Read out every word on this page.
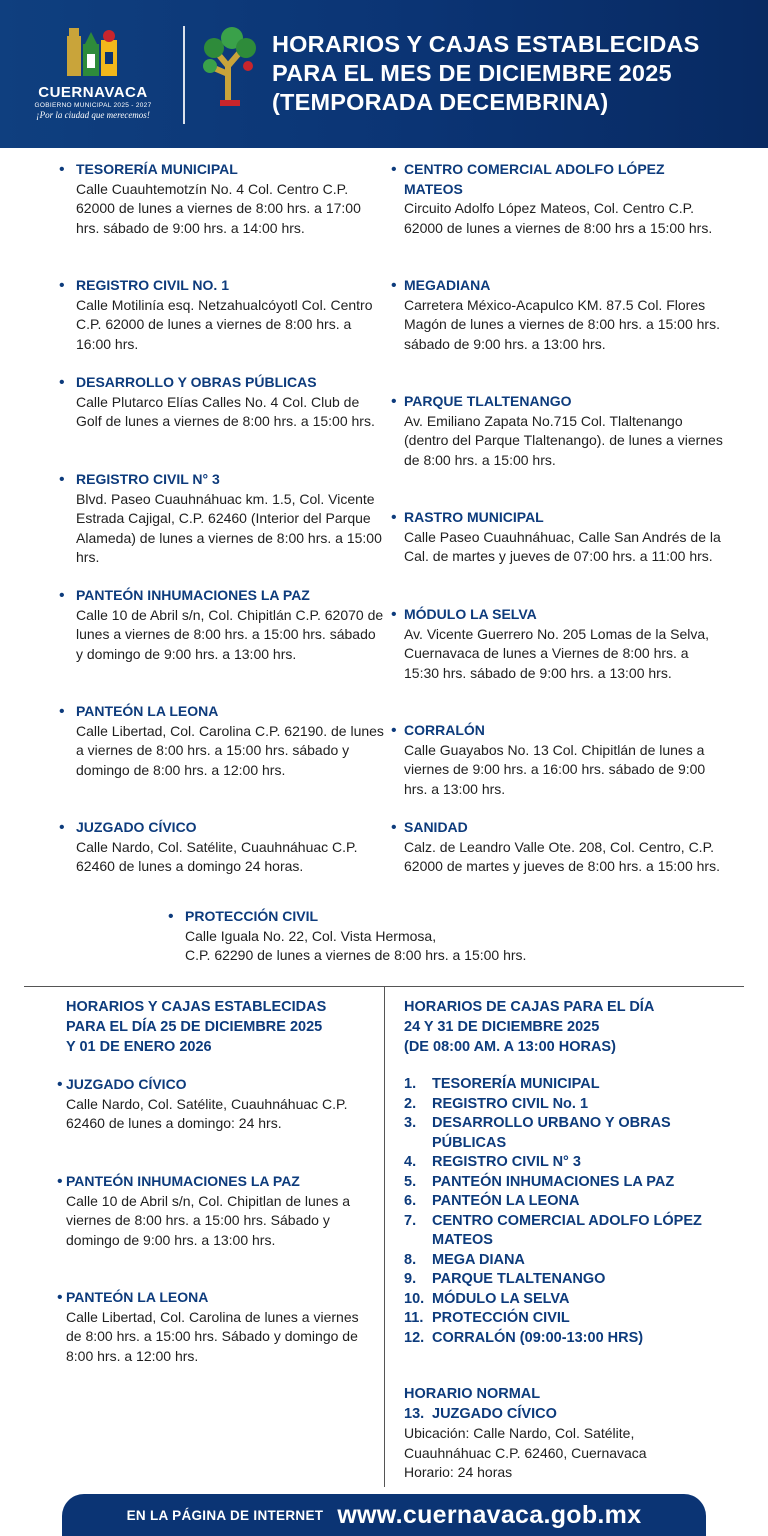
CUERNAVACA
GOBIERNO MUNICIPAL 2025 - 2027
¡Por la ciudad que merecemos!
HORARIOS Y CAJAS ESTABLECIDAS
PARA EL MES DE DICIEMBRE 2025
(TEMPORADA DECEMBRINA)
• TESORERÍA MUNICIPAL
Calle Cuauhtemotzín No. 4 Col. Centro C.P. 62000 de lunes a viernes de 8:00 hrs. a 17:00 hrs. sábado de 9:00 hrs. a 14:00 hrs.
• REGISTRO CIVIL NO. 1
Calle Motilinía esq. Netzahualcóyotl Col. Centro C.P. 62000 de lunes a viernes de 8:00 hrs. a 16:00 hrs.
• DESARROLLO Y OBRAS PÚBLICAS
Calle Plutarco Elías Calles No. 4 Col. Club de Golf de lunes a viernes de 8:00 hrs. a 15:00 hrs.
• REGISTRO CIVIL N° 3
Blvd. Paseo Cuauhnáhuac km. 1.5, Col. Vicente Estrada Cajigal, C.P. 62460 (Interior del Parque Alameda) de lunes a viernes de 8:00 hrs. a 15:00 hrs.
• PANTEÓN INHUMACIONES LA PAZ
Calle 10 de Abril s/n, Col. Chipitlán C.P. 62070 de lunes a viernes de 8:00 hrs. a 15:00 hrs. sábado y domingo de 9:00 hrs. a 13:00 hrs.
• PANTEÓN LA LEONA
Calle Libertad, Col. Carolina C.P. 62190. de lunes a viernes de 8:00 hrs. a 15:00 hrs. sábado y domingo de 8:00 hrs. a 12:00 hrs.
• JUZGADO CÍVICO
Calle Nardo, Col. Satélite, Cuauhnáhuac C.P. 62460 de lunes a domingo 24 horas.
• CENTRO COMERCIAL ADOLFO LÓPEZ MATEOS
Circuito Adolfo López Mateos, Col. Centro C.P. 62000 de lunes a viernes de 8:00 hrs a 15:00 hrs.
• MEGADIANA
Carretera México-Acapulco KM. 87.5 Col. Flores Magón de lunes a viernes de 8:00 hrs. a 15:00 hrs. sábado de 9:00 hrs. a 13:00 hrs.
• PARQUE TLALTENANGO
Av. Emiliano Zapata No.715 Col. Tlaltenango (dentro del Parque Tlaltenango). de lunes a viernes de 8:00 hrs. a 15:00 hrs.
• RASTRO MUNICIPAL
Calle Paseo Cuauhnáhuac, Calle San Andrés de la Cal. de martes y jueves de 07:00 hrs. a 11:00 hrs.
• MÓDULO LA SELVA
Av. Vicente Guerrero No. 205 Lomas de la Selva, Cuernavaca de lunes a Viernes de 8:00 hrs. a 15:30 hrs. sábado de 9:00 hrs. a 13:00 hrs.
• CORRALÓN
Calle Guayabos No. 13 Col. Chipitlán de lunes a viernes de 9:00 hrs. a 16:00 hrs. sábado de 9:00 hrs. a 13:00 hrs.
• SANIDAD
Calz. de Leandro Valle Ote. 208, Col. Centro, C.P. 62000 de martes y jueves de 8:00 hrs. a 15:00 hrs.
• PROTECCIÓN CIVIL
Calle Iguala No. 22, Col. Vista Hermosa,
C.P. 62290 de lunes a viernes de 8:00 hrs. a 15:00 hrs.
HORARIOS Y CAJAS ESTABLECIDAS
PARA EL DÍA 25 DE DICIEMBRE 2025
Y 01 DE ENERO 2026
• JUZGADO CÍVICO
Calle Nardo, Col. Satélite, Cuauhnáhuac C.P. 62460 de lunes a domingo: 24 hrs.
• PANTEÓN INHUMACIONES LA PAZ
Calle 10 de Abril s/n, Col. Chipitlan de lunes a viernes de 8:00 hrs. a 15:00 hrs. Sábado y domingo de 9:00 hrs. a 13:00 hrs.
• PANTEÓN LA LEONA
Calle Libertad, Col. Carolina de lunes a viernes de 8:00 hrs. a 15:00 hrs. Sábado y domingo de 8:00 hrs. a 12:00 hrs.
HORARIOS DE CAJAS PARA EL DÍA
24 Y 31 DE DICIEMBRE 2025
(DE 08:00 AM. A 13:00 HORAS)
1. TESORERÍA MUNICIPAL
2. REGISTRO CIVIL No. 1
3. DESARROLLO URBANO Y OBRAS PÚBLICAS
4. REGISTRO CIVIL N° 3
5. PANTEÓN INHUMACIONES LA PAZ
6. PANTEÓN LA LEONA
7. CENTRO COMERCIAL ADOLFO LÓPEZ MATEOS
8. MEGA DIANA
9. PARQUE TLALTENANGO
10. MÓDULO LA SELVA
11. PROTECCIÓN CIVIL
12. CORRALÓN (09:00-13:00 HRS)
HORARIO NORMAL
13. JUZGADO CÍVICO
Ubicación: Calle Nardo, Col. Satélite,
Cuauhnáhuac C.P. 62460, Cuernavaca
Horario: 24 horas
EN LA PÁGINA DE INTERNET www.cuernavaca.gob.mx
